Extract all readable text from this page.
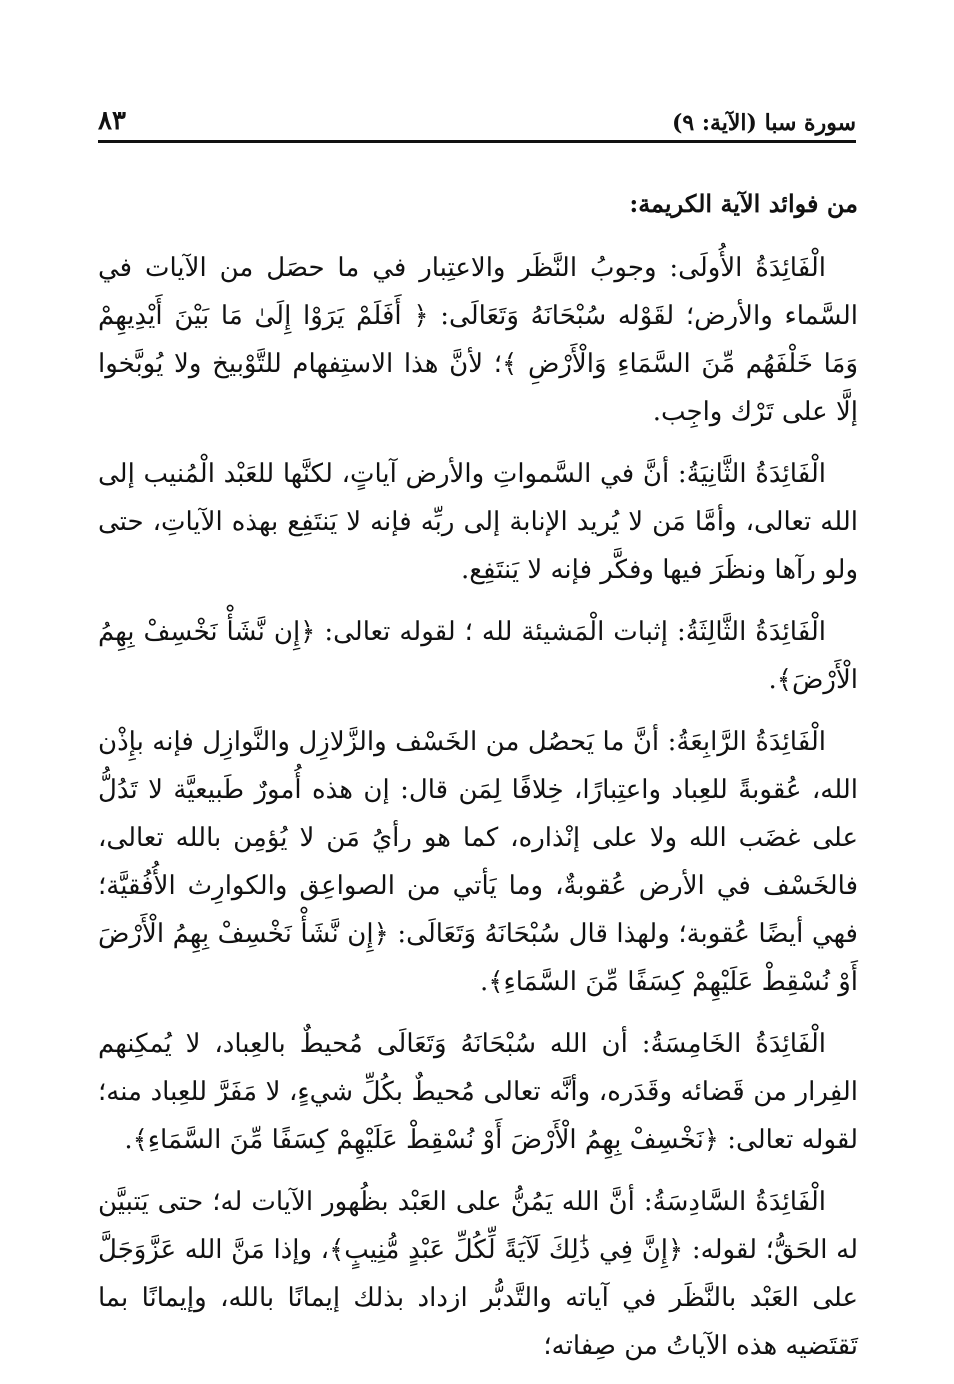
سورة سبا (الآية: ٩)
٨٣
من فوائد الآية الكريمة:

الْفَائِدَةُ الأُولَى: وجوبُ النَّظَر والاعتِبار في ما حصَل من الآيات في السَّماء والأرض؛ لقَوْله سُبْحَانَهُ وَتَعَالَى: ﴿ أَفَلَمْ يَرَوْا إِلَىٰ مَا بَيْنَ أَيْدِيهِمْ وَمَا خَلْفَهُم مِّنَ السَّمَاءِ وَالْأَرْضِ ﴾؛ لأنَّ هذا الاستِفهام للتَّوْبيخ ولا يُوبَّخوا إلَّا على تَرْك واجِب.

الْفَائِدَةُ الثَّانِيَةُ: أنَّ في السَّمواتِ والأرض آياتٍ، لكنَّها للعَبْد الْمُنيب إلى الله تعالى، وأمَّا مَن لا يُريد الإنابة إلى ربِّه فإنه لا يَنتَفِع بهذه الآياتِ، حتى ولو رآها ونظَرَ فيها وفكَّر فإنه لا يَنتَفِع.

الْفَائِدَةُ الثَّالِثَةُ: إثبات الْمَشيئة لله ؛ لقوله تعالى: ﴿إِن نَّشَأْ نَخْسِفْ بِهِمُ الْأَرْضَ﴾.

الْفَائِدَةُ الرَّابِعَةُ: أنَّ ما يَحصُل من الخَسْف والزَّلازِل والنَّوازِل فإنه بإِذْن الله، عُقوبةً للعِباد واعتِبارًا، خِلافًا لِمَن قال: إن هذه أُمورٌ طَبيعيَّة لا تَدُلُّ على غضَب الله ولا على إنْذاره، كما هو رأيُ مَن لا يُؤمِن بالله تعالى، فالخَسْف في الأرض عُقوبةٌ، وما يَأتي من الصواعِق والكوارِث الأُفُقيَّة؛ فهي أيضًا عُقوبة؛ ولهذا قال سُبْحَانَهُ وَتَعَالَى: ﴿إِن نَّشَأْ نَخْسِفْ بِهِمُ الْأَرْضَ أَوْ نُسْقِطْ عَلَيْهِمْ كِسَفًا مِّنَ السَّمَاءِ﴾.

الْفَائِدَةُ الخَامِسَةُ: أن الله سُبْحَانَهُ وَتَعَالَى مُحيطٌ بالعِباد، لا يُمكِنهم الفِرار من قَضائه وقَدَره، وأنَّه تعالى مُحيطٌ بكُلِّ شيءٍ، لا مَفَرَّ للعِباد منه؛ لقوله تعالى: ﴿نَخْسِفْ بِهِمُ الْأَرْضَ أَوْ نُسْقِطْ عَلَيْهِمْ كِسَفًا مِّنَ السَّمَاءِ﴾.

الْفَائِدَةُ السَّادِسَةُ: أنَّ الله يَمُنُّ على العَبْد بظُهور الآيات له؛ حتى يَتبيَّن له الحَقُّ؛ لقوله: ﴿إِنَّ فِي ذَٰلِكَ لَآيَةً لِّكُلِّ عَبْدٍ مُّنِيبٍ﴾، وإذا مَنَّ الله عَزَّوَجَلَّ على العَبْد بالنَّظَر في آياته والتَّدبُّر ازداد بذلك إيمانًا بالله، وإيمانًا بما تَقتَضيه هذه الآياتُ من صِفاته؛
